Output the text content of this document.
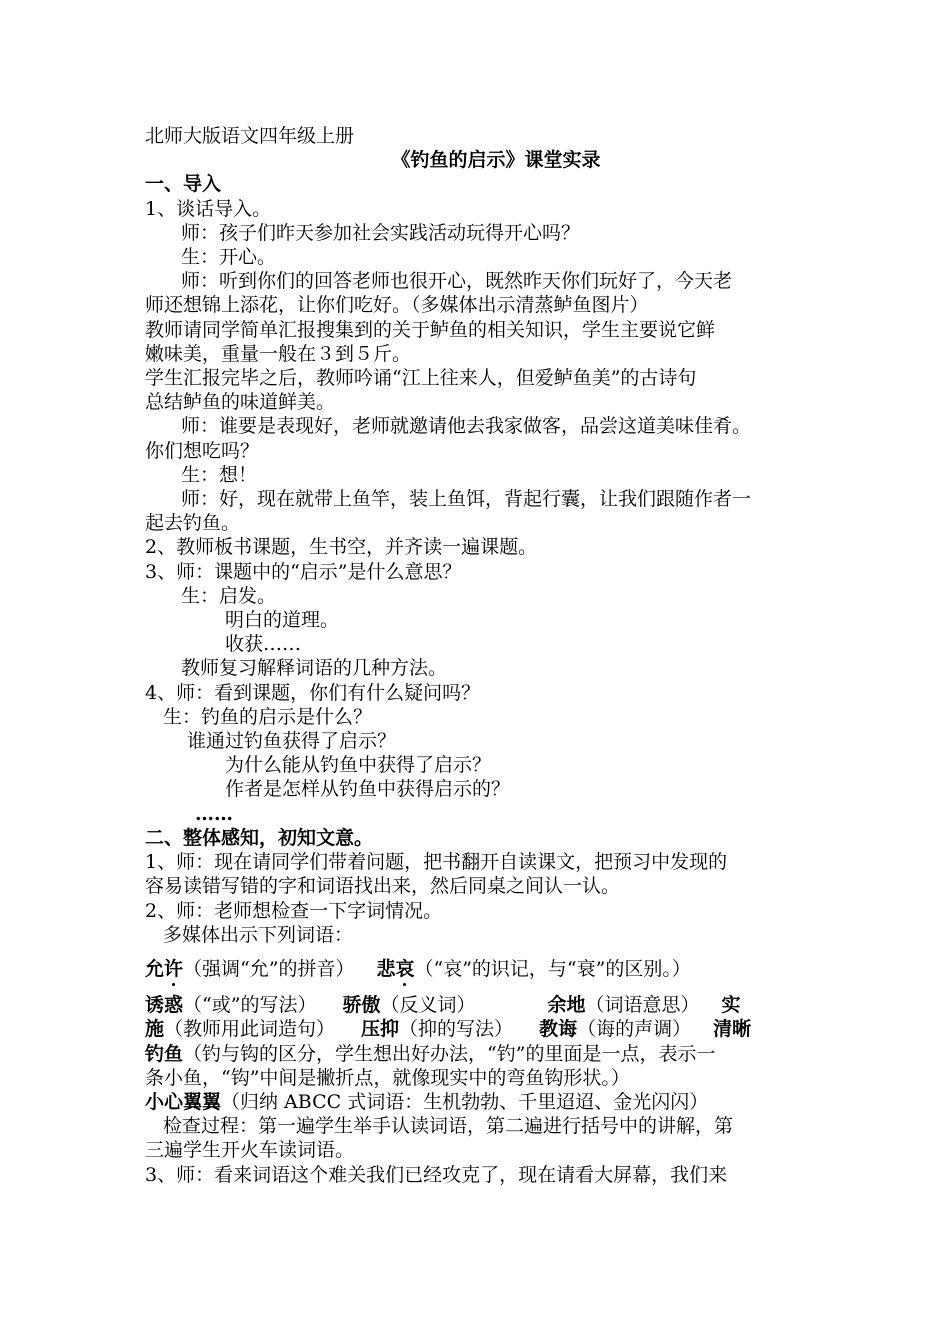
北师大版语文四年级上册
《钓鱼的启示》课堂实录
一、导入
1、谈话导入。
师：孩子们昨天参加社会实践活动玩得开心吗？
生：开心。
师：听到你们的回答老师也很开心，既然昨天你们玩好了，今天老
师还想锦上添花，让你们吃好。（多媒体出示清蒸鲈鱼图片）
教师请同学简单汇报搜集到的关于鲈鱼的相关知识，学生主要说它鲜
嫩味美，重量一般在３到５斤。
学生汇报完毕之后，教师吟诵“江上往来人，但爱鲈鱼美”的古诗句
总结鲈鱼的味道鲜美。
师：谁要是表现好，老师就邀请他去我家做客，品尝这道美味佳肴。
你们想吃吗？
生：想！
师：好，现在就带上鱼竿，装上鱼饵，背起行囊，让我们跟随作者一
起去钓鱼。
2、教师板书课题，生书空，并齐读一遍课题。
3、师：课题中的“启示”是什么意思？
生：启发。
明白的道理。
收获……
教师复习解释词语的几种方法。
4、师：看到课题，你们有什么疑问吗？
生：钓鱼的启示是什么？
谁通过钓鱼获得了启示？
为什么能从钓鱼中获得了启示？
作者是怎样从钓鱼中获得启示的？
……
二、整体感知，初知文意。
1、师：现在请同学们带着问题，把书翻开自读课文，把预习中发现的
容易读错写错的字和词语找出来，然后同桌之间认一认。
2、师：老师想检查一下字词情况。
多媒体出示下列词语：
允许（强调“允”的拼音） 悲哀（“哀”的识记，与“衰”的区别。）
诱惑（“或”的写法） 骄傲（反义词）	余地（词语意思） 实
施（教师用此词造句） 压抑（抑的写法） 教诲（诲的声调） 清晰
钓鱼（钓与钩的区分，学生想出好办法，“钓”的里面是一点，表示一
条小鱼，“钩”中间是撇折点，就像现实中的弯鱼钩形状。）
小心翼翼（归纳 ABCC 式词语：生机勃勃、千里迢迢、金光闪闪）
检查过程：第一遍学生举手认读词语，第二遍进行括号中的讲解，第
三遍学生开火车读词语。
3、师：看来词语这个难关我们已经攻克了，现在请看大屏幕，我们来
